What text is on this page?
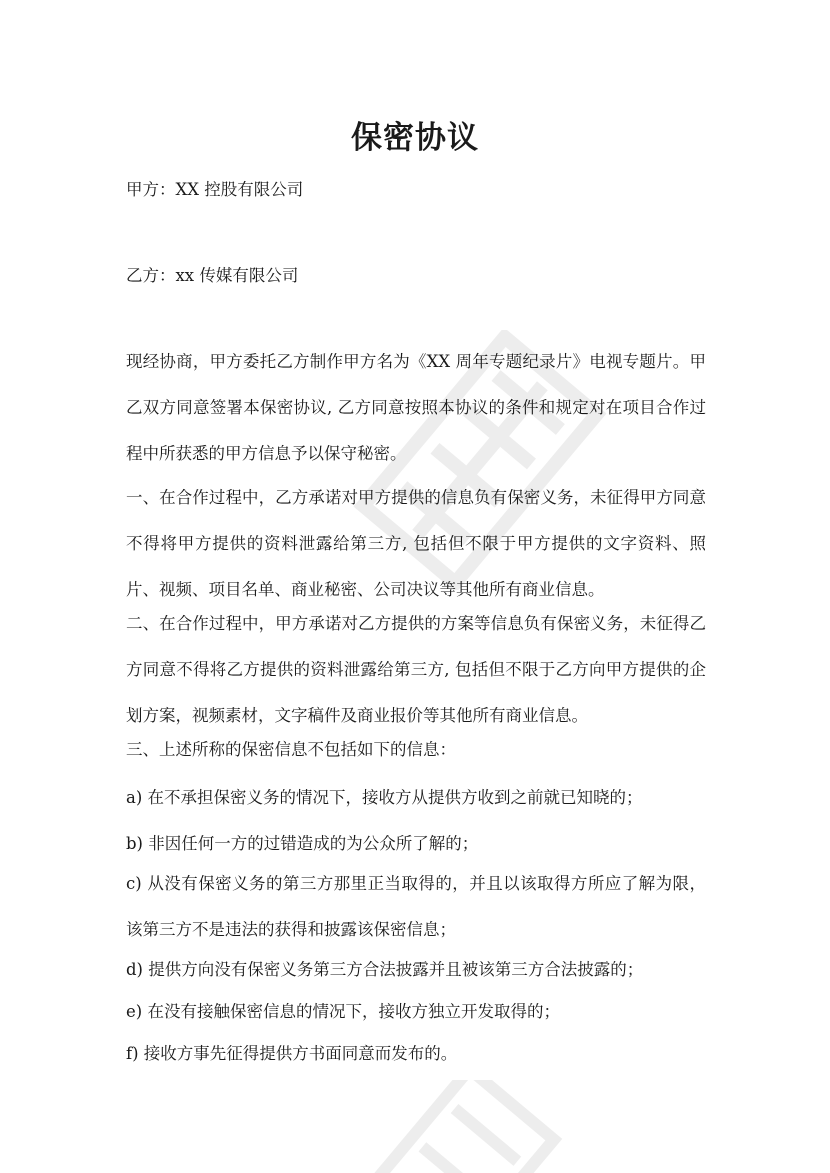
保密协议

甲方：XX 控股有限公司

乙方：xx 传媒有限公司

现经协商，甲方委托乙方制作甲方名为《XX 周年专题纪录片》电视专题片。甲乙双方同意签署本保密协议, 乙方同意按照本协议的条件和规定对在项目合作过程中所获悉的甲方信息予以保守秘密。

一、在合作过程中，乙方承诺对甲方提供的信息负有保密义务，未征得甲方同意不得将甲方提供的资料泄露给第三方, 包括但不限于甲方提供的文字资料、照片、视频、项目名单、商业秘密、公司决议等其他所有商业信息。

二、在合作过程中，甲方承诺对乙方提供的方案等信息负有保密义务，未征得乙方同意不得将乙方提供的资料泄露给第三方, 包括但不限于乙方向甲方提供的企划方案，视频素材，文字稿件及商业报价等其他所有商业信息。

三、上述所称的保密信息不包括如下的信息：

a) 在不承担保密义务的情况下，接收方从提供方收到之前就已知晓的；

b) 非因任何一方的过错造成的为公众所了解的；

c) 从没有保密义务的第三方那里正当取得的，并且以该取得方所应了解为限，该第三方不是违法的获得和披露该保密信息；

d) 提供方向没有保密义务第三方合法披露并且被该第三方合法披露的；

e) 在没有接触保密信息的情况下，接收方独立开发取得的；

f) 接收方事先征得提供方书面同意而发布的。
